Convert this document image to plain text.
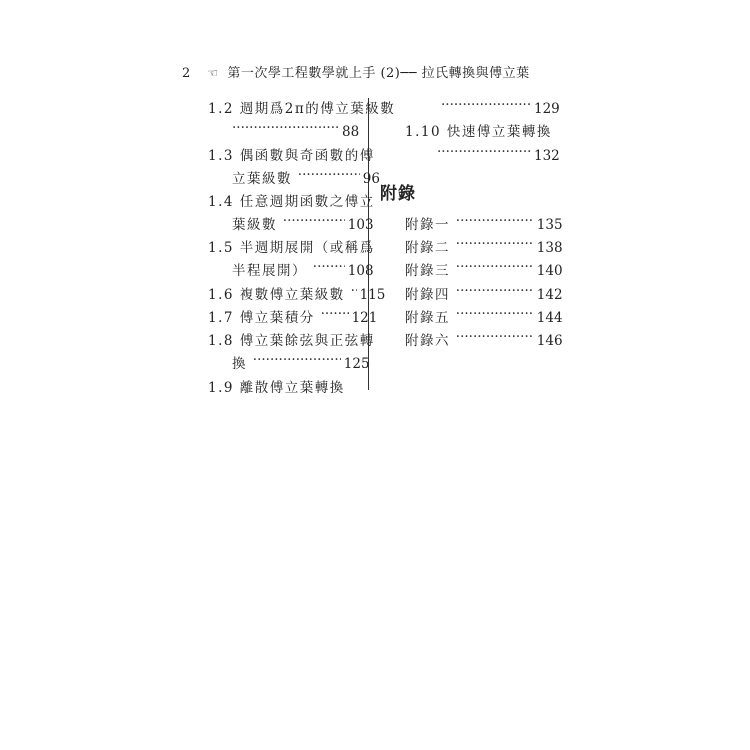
2 ☜ 第一次學工程數學就上手 (2)── 拉氏轉換與傅立葉
1.2 週期爲2π的傅立葉級數
·····88
1.3 偶函數與奇函數的傅
立葉級數 ·····	96
1.4 任意週期函數之傅立
葉級數 ·····	103
1.5 半週期展開（或稱爲
半程展開） ·····	108
1.6 複數傅立葉級數 ····· 115
1.7 傅立葉積分 ·····	121
1.8 傅立葉餘弦與正弦轉
換 ·····	125
1.9 離散傅立葉轉換
·····129
1.10 快速傅立葉轉換
·····132
附錄
附錄一 ·····	135
附錄二 ·····	138
附錄三 ·····	140
附錄四 ·····	142
附錄五 ·····	144
附錄六 ·····	146
